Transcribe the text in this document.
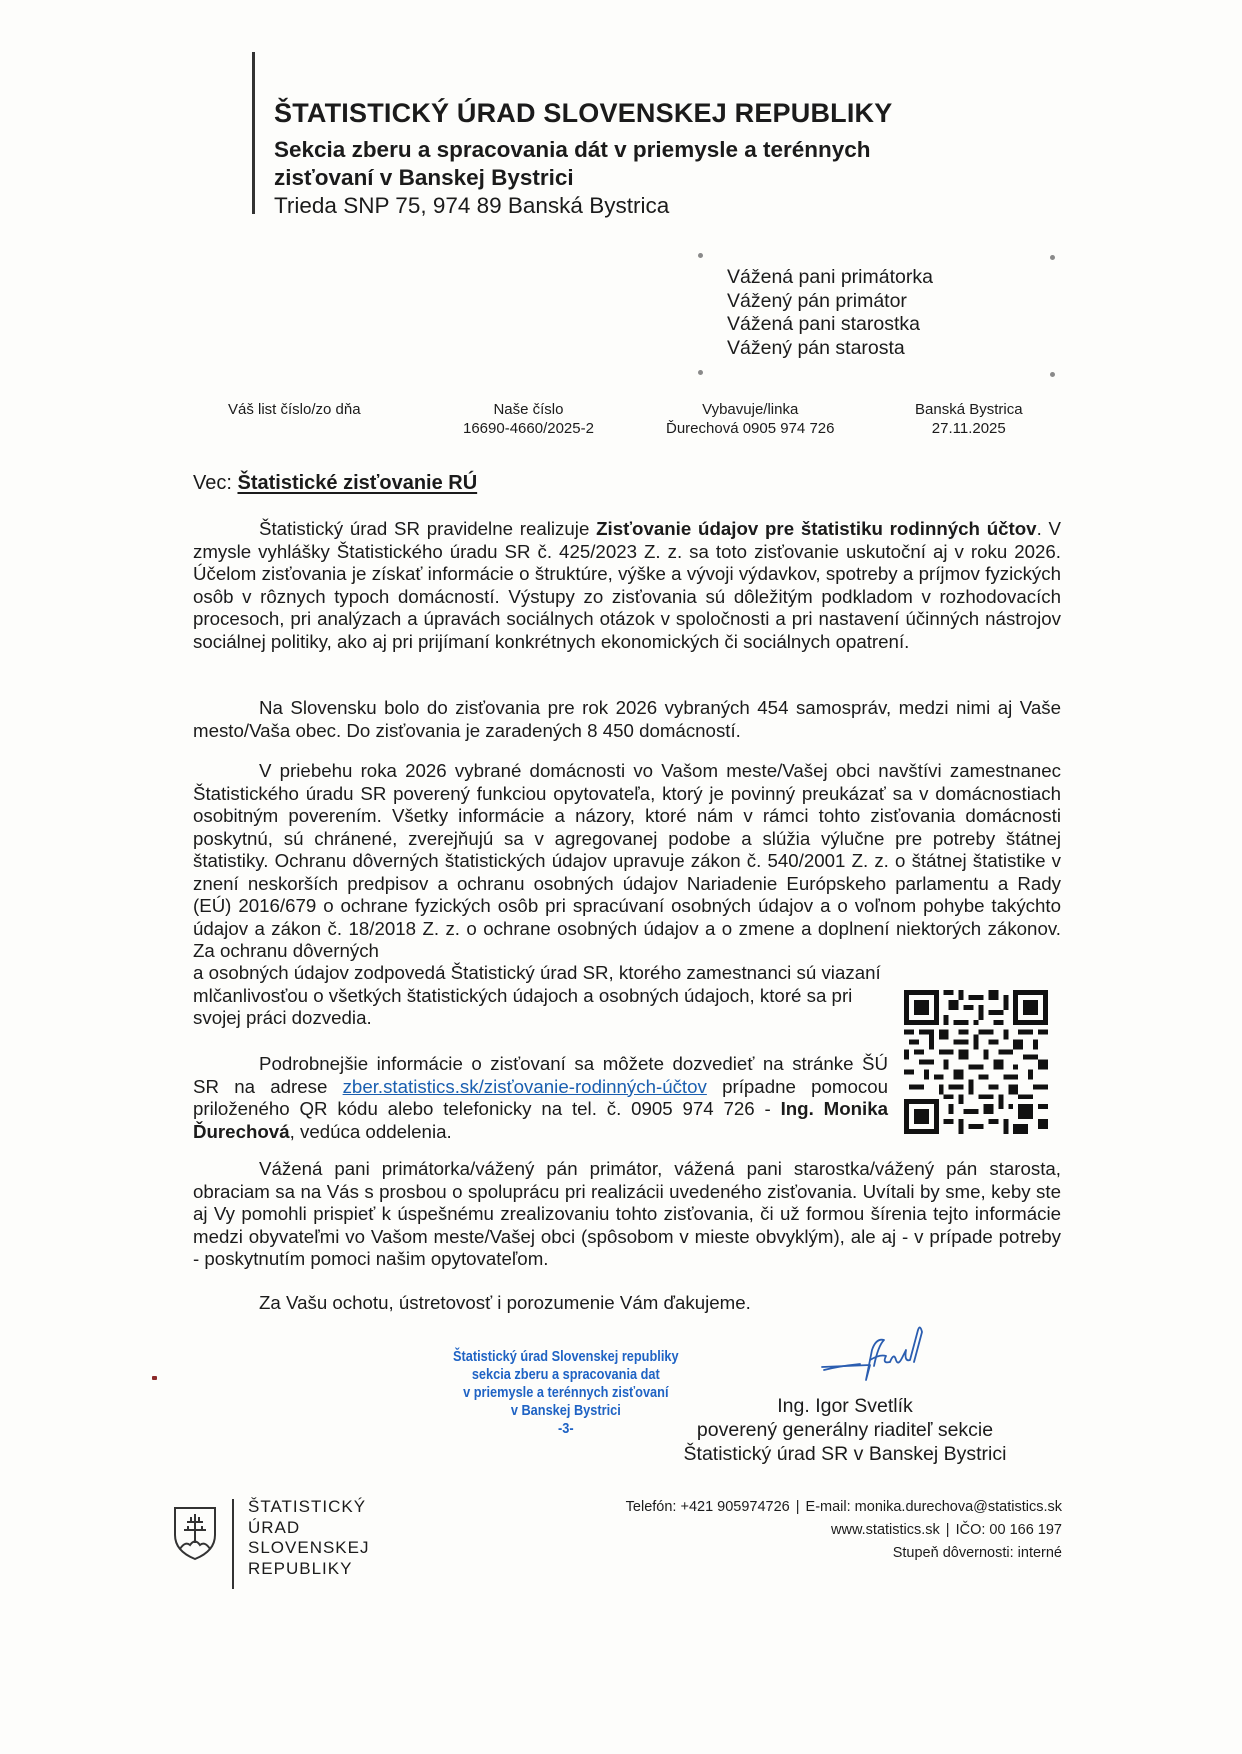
ŠTATISTICKÝ ÚRAD SLOVENSKEJ REPUBLIKY
Sekcia zberu a spracovania dát v priemysle a terénnych
zisťovaní v Banskej Bystrici
Trieda SNP 75, 974 89 Banská Bystrica
Vážená pani primátorka
Vážený pán primátor
Vážená pani starostka
Vážený pán starosta
Váš list číslo/zo dňa	Naše číslo
16690-4660/2025-2
Vybavuje/linka
Ďurechová 0905 974 726
Banská Bystrica
27.11.2025
Vec: Štatistické zisťovanie RÚ
Štatistický úrad SR pravidelne realizuje Zisťovanie údajov pre štatistiku rodinných účtov. V zmysle vyhlášky Štatistického úradu SR č. 425/2023 Z. z. sa toto zisťovanie uskutoční aj v roku 2026. Účelom zisťovania je získať informácie o štruktúre, výške a vývoji výdavkov, spotreby a príjmov fyzických osôb v rôznych typoch domácností. Výstupy zo zisťovania sú dôležitým podkladom v rozhodovacích procesoch, pri analýzach a úpravách sociálnych otázok v spoločnosti a pri nastavení účinných nástrojov sociálnej politiky, ako aj pri prijímaní konkrétnych ekonomických či sociálnych opatrení.
Na Slovensku bolo do zisťovania pre rok 2026 vybraných 454 samospráv, medzi nimi aj Vaše mesto/Vaša obec. Do zisťovania je zaradených 8 450 domácností.
V priebehu roka 2026 vybrané domácnosti vo Vašom meste/Vašej obci navštívi zamestnanec Štatistického úradu SR poverený funkciou opytovateľa, ktorý je povinný preukázať sa v domácnostiach osobitným poverením. Všetky informácie a názory, ktoré nám v rámci tohto zisťovania domácnosti poskytnú, sú chránené, zverejňujú sa v agregovanej podobe a slúžia výlučne pre potreby štátnej štatistiky. Ochranu dôverných štatistických údajov upravuje zákon č. 540/2001 Z. z. o štátnej štatistike v znení neskorších predpisov a ochranu osobných údajov Nariadenie Európskeho parlamentu a Rady (EÚ) 2016/679 o ochrane fyzických osôb pri spracúvaní osobných údajov a o voľnom pohybe takýchto údajov a zákon č. 18/2018 Z. z. o ochrane osobných údajov a o zmene a doplnení niektorých zákonov. Za ochranu dôverných
a osobných údajov zodpovedá Štatistický úrad SR, ktorého zamestnanci sú viazaní mlčanlivosťou o všetkých štatistických údajoch a osobných údajoch, ktoré sa pri svojej práci dozvedia.
Podrobnejšie informácie o zisťovaní sa môžete dozvedieť na stránke ŠÚ SR na adrese zber.statistics.sk/zisťovanie-rodinných-účtov prípadne pomocou priloženého QR kódu alebo telefonicky na tel. č. 0905 974 726 - Ing. Monika Ďurechová, vedúca oddelenia.
Vážená pani primátorka/vážený pán primátor, vážená pani starostka/vážený pán starosta, obraciam sa na Vás s prosbou o spoluprácu pri realizácii uvedeného zisťovania. Uvítali by sme, keby ste aj Vy pomohli prispieť k úspešnému zrealizovaniu tohto zisťovania, či už formou šírenia tejto informácie medzi obyvateľmi vo Vašom meste/Vašej obci (spôsobom v mieste obvyklým), ale aj - v prípade potreby - poskytnutím pomoci našim opytovateľom.
Za Vašu ochotu, ústretovosť i porozumenie Vám ďakujeme.
Štatistický úrad Slovenskej republiky
sekcia zberu a spracovania dat
v priemysle a terénnych zisťovaní
v Banskej Bystrici
-3-
Ing. Igor Svetlík
poverený generálny riaditeľ sekcie
Štatistický úrad SR v Banskej Bystrici
ŠTATISTICKÝ
ÚRAD
SLOVENSKEJ
REPUBLIKY
Telefón: +421 905974726 | E-mail: monika.durechova@statistics.sk
www.statistics.sk | IČO: 00 166 197
Stupeň dôvernosti: interné
